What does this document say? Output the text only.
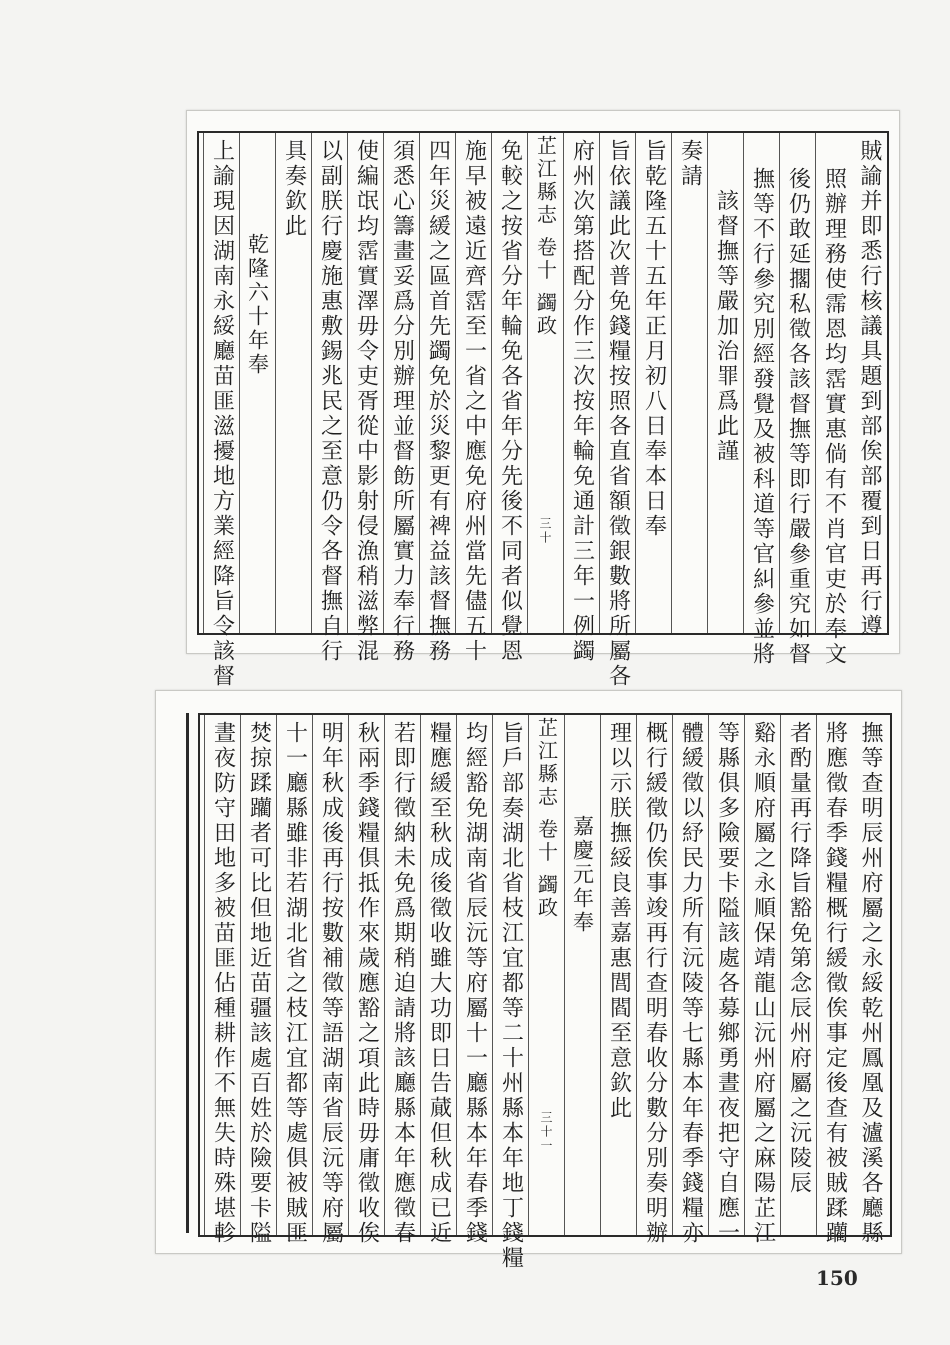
賊諭并即悉行核議具題到部俟部覆到日再行遵
照辦理務使霈恩均霑實惠倘有不肖官吏於奉文
後仍敢延擱私徵各該督撫等即行嚴參重究如督
撫等不行參究別經發覺及被科道等官糾參並將
該督撫等嚴加治罪爲此謹
奏請
旨乾隆五十五年正月初八日奉本日奉
旨依議此次普免錢糧按照各直省額徵銀數將所屬各
府州次第搭配分作三次按年輪免通計三年一例蠲
芷江縣志 卷十 蠲政
三十
免較之按省分年輪免各省年分先後不同者似覺恩
施早被遠近齊霑至一省之中應免府州當先儘五十
四年災緩之區首先蠲免於災黎更有裨益該督撫務
須悉心籌畫妥爲分別辦理並督飭所屬實力奉行務
使編氓均霑實澤毋令吏胥從中影射侵漁稍滋弊混
以副朕行慶施惠敷錫兆民之至意仍令各督撫自行
具奏欽此
乾隆六十年奉
上諭現因湖南永綏廳苗匪滋擾地方業經降旨令該督
撫等查明辰州府屬之永綏乾州鳳凰及瀘溪各廳縣
將應徵春季錢糧概行緩徵俟事定後查有被賊蹂躪
者酌量再行降旨豁免第念辰州府屬之沅陵辰
谿永順府屬之永順保靖龍山沅州府屬之麻陽芷江
等縣俱多險要卡隘該處各募鄉勇晝夜把守自應一
體緩徵以紓民力所有沅陵等七縣本年春季錢糧亦
概行緩徵仍俟事竣再行查明春收分數分別奏明辦
理以示朕撫綏良善嘉惠閭閻至意欽此
嘉慶元年奉
芷江縣志 卷十 蠲政
三十一
旨戶部奏湖北省枝江宜都等二十州縣本年地丁錢糧
均經豁免湖南省辰沅等府屬十一廳縣本年春季錢
糧應緩至秋成後徵收雖大功即日告蕆但秋成已近
若即行徵納未免爲期稍迫請將該廳縣本年應徵春
秋兩季錢糧俱抵作來歲應豁之項此時毋庸徵收俟
明年秋成後再行按數補徵等語湖南省辰沅等府屬
十一廳縣雖非若湖北省之枝江宜都等處俱被賊匪
焚掠蹂躪者可比但地近苗疆該處百姓於險要卡隘
晝夜防守田地多被苗匪佔種耕作不無失時殊堪軫
150
